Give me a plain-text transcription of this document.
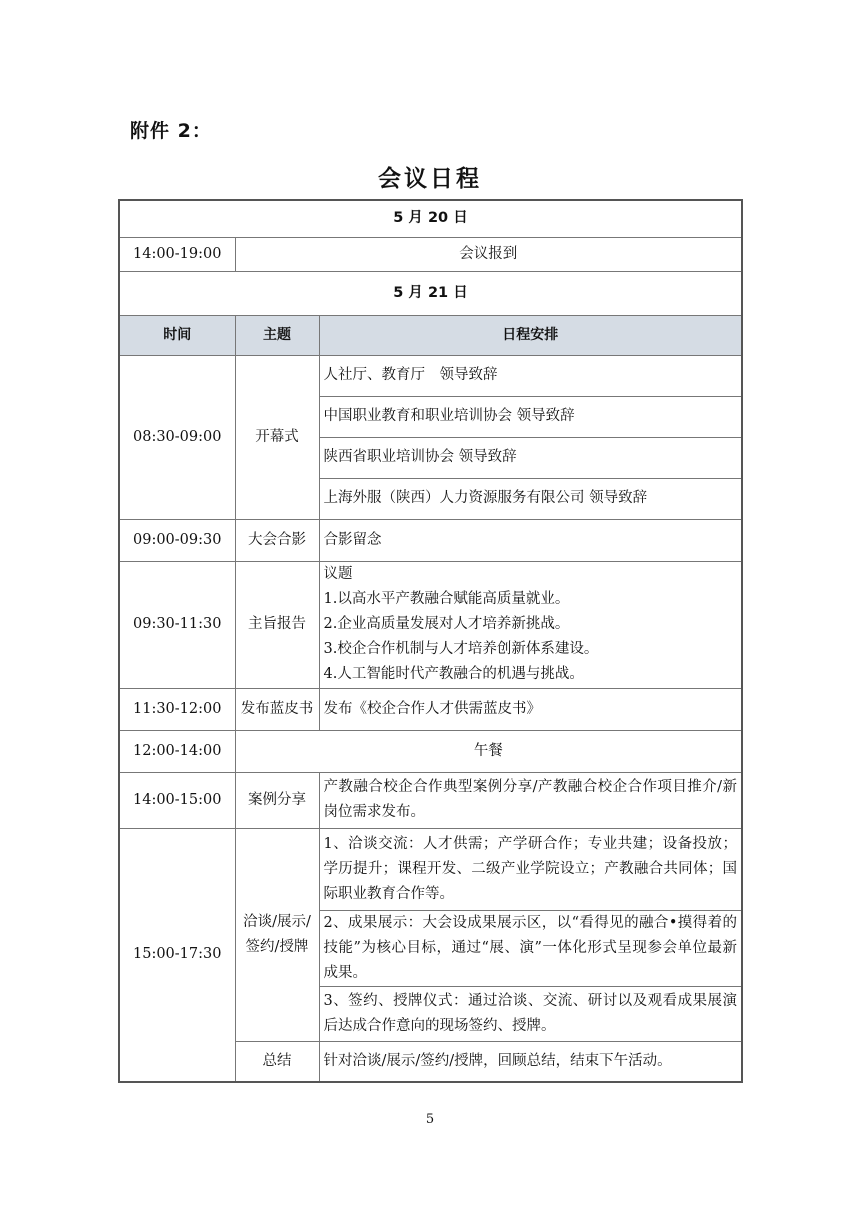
附件 2：
会议日程
5 月 20 日		
14:00-19:00	会议报到	
5 月 21 日		
时间	主题	日程安排
08:30-09:00	开幕式	人社厅、教育厅　领导致辞
		中国职业教育和职业培训协会 领导致辞
		陕西省职业培训协会 领导致辞
		上海外服（陕西）人力资源服务有限公司 领导致辞
09:00-09:30	大会合影	合影留念
09:30-11:30	主旨报告	议题
1.以高水平产教融合赋能高质量就业。
2.企业高质量发展对人才培养新挑战。
3.校企合作机制与人才培养创新体系建设。
4.人工智能时代产教融合的机遇与挑战。

11:30-12:00	发布蓝皮书	发布《校企合作人才供需蓝皮书》
12:00-14:00	午餐	
14:00-15:00	案例分享	产教融合校企合作典型案例分享/产教融合校企合作项目推介/新岗位需求发布。
15:00-17:30	洽谈/展示/
签约/授牌	1、洽谈交流：人才供需；产学研合作；专业共建；设备投放；学历提升；课程开发、二级产业学院设立；产教融合共同体；国际职业教育合作等。
		2、成果展示：大会设成果展示区，以“看得见的融合•摸得着的技能”为核心目标，通过“展、演”一体化形式呈现参会单位最新成果。
		3、签约、授牌仪式：通过洽谈、交流、研讨以及观看成果展演后达成合作意向的现场签约、授牌。
	总结	针对洽谈/展示/签约/授牌，回顾总结，结束下午活动。
5
